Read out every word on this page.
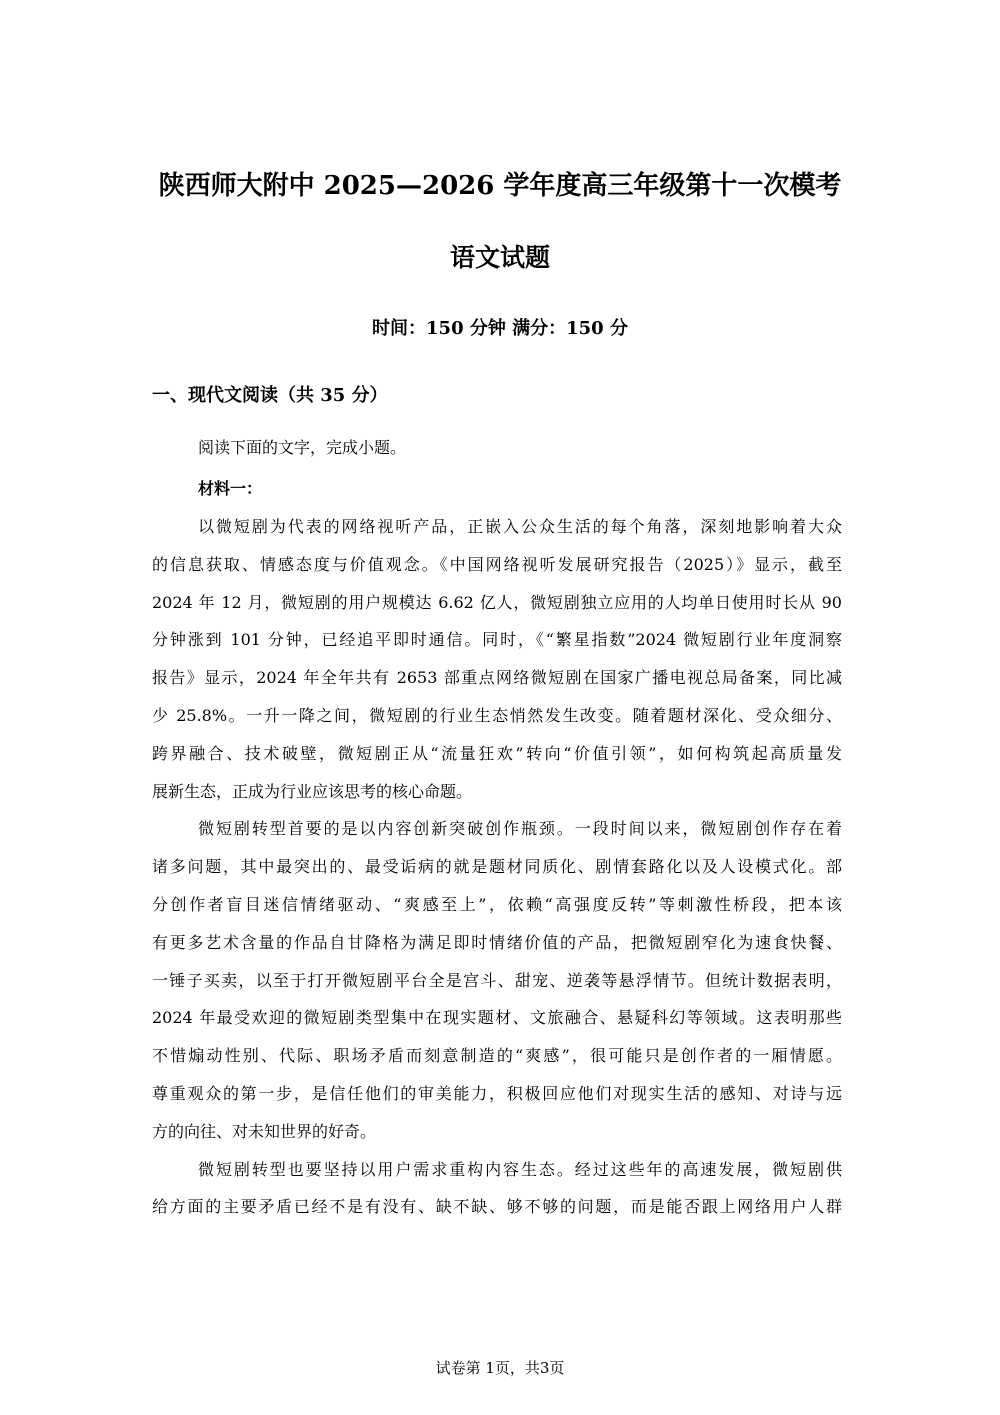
陕西师大附中 2025—2026 学年度高三年级第十一次模考
语文试题
时间：150 分钟 满分：150 分
一、现代文阅读（共 35 分）
阅读下面的文字，完成小题。
材料一：
以微短剧为代表的网络视听产品，正嵌入公众生活的每个角落，深刻地影响着大众
的信息获取、情感态度与价值观念。《中国网络视听发展研究报告（2025）》显示，截至
2024 年 12 月，微短剧的用户规模达 6.62 亿人，微短剧独立应用的人均单日使用时长从 90
分钟涨到 101 分钟，已经追平即时通信。同时，《“繁星指数”2024 微短剧行业年度洞察
报告》显示，2024 年全年共有 2653 部重点网络微短剧在国家广播电视总局备案，同比减
少 25.8%。一升一降之间，微短剧的行业生态悄然发生改变。随着题材深化、受众细分、
跨界融合、技术破壁，微短剧正从“流量狂欢”转向“价值引领”，如何构筑起高质量发
展新生态，正成为行业应该思考的核心命题。
微短剧转型首要的是以内容创新突破创作瓶颈。一段时间以来，微短剧创作存在着
诸多问题，其中最突出的、最受诟病的就是题材同质化、剧情套路化以及人设模式化。部
分创作者盲目迷信情绪驱动、“爽感至上”，依赖“高强度反转”等刺激性桥段，把本该
有更多艺术含量的作品自甘降格为满足即时情绪价值的产品，把微短剧窄化为速食快餐、
一锤子买卖，以至于打开微短剧平台全是宫斗、甜宠、逆袭等悬浮情节。但统计数据表明，
2024 年最受欢迎的微短剧类型集中在现实题材、文旅融合、悬疑科幻等领域。这表明那些
不惜煽动性别、代际、职场矛盾而刻意制造的“爽感”，很可能只是创作者的一厢情愿。
尊重观众的第一步，是信任他们的审美能力，积极回应他们对现实生活的感知、对诗与远
方的向往、对未知世界的好奇。
微短剧转型也要坚持以用户需求重构内容生态。经过这些年的高速发展，微短剧供
给方面的主要矛盾已经不是有没有、缺不缺、够不够的问题，而是能否跟上网络用户人群
试卷第 1页，共3页
